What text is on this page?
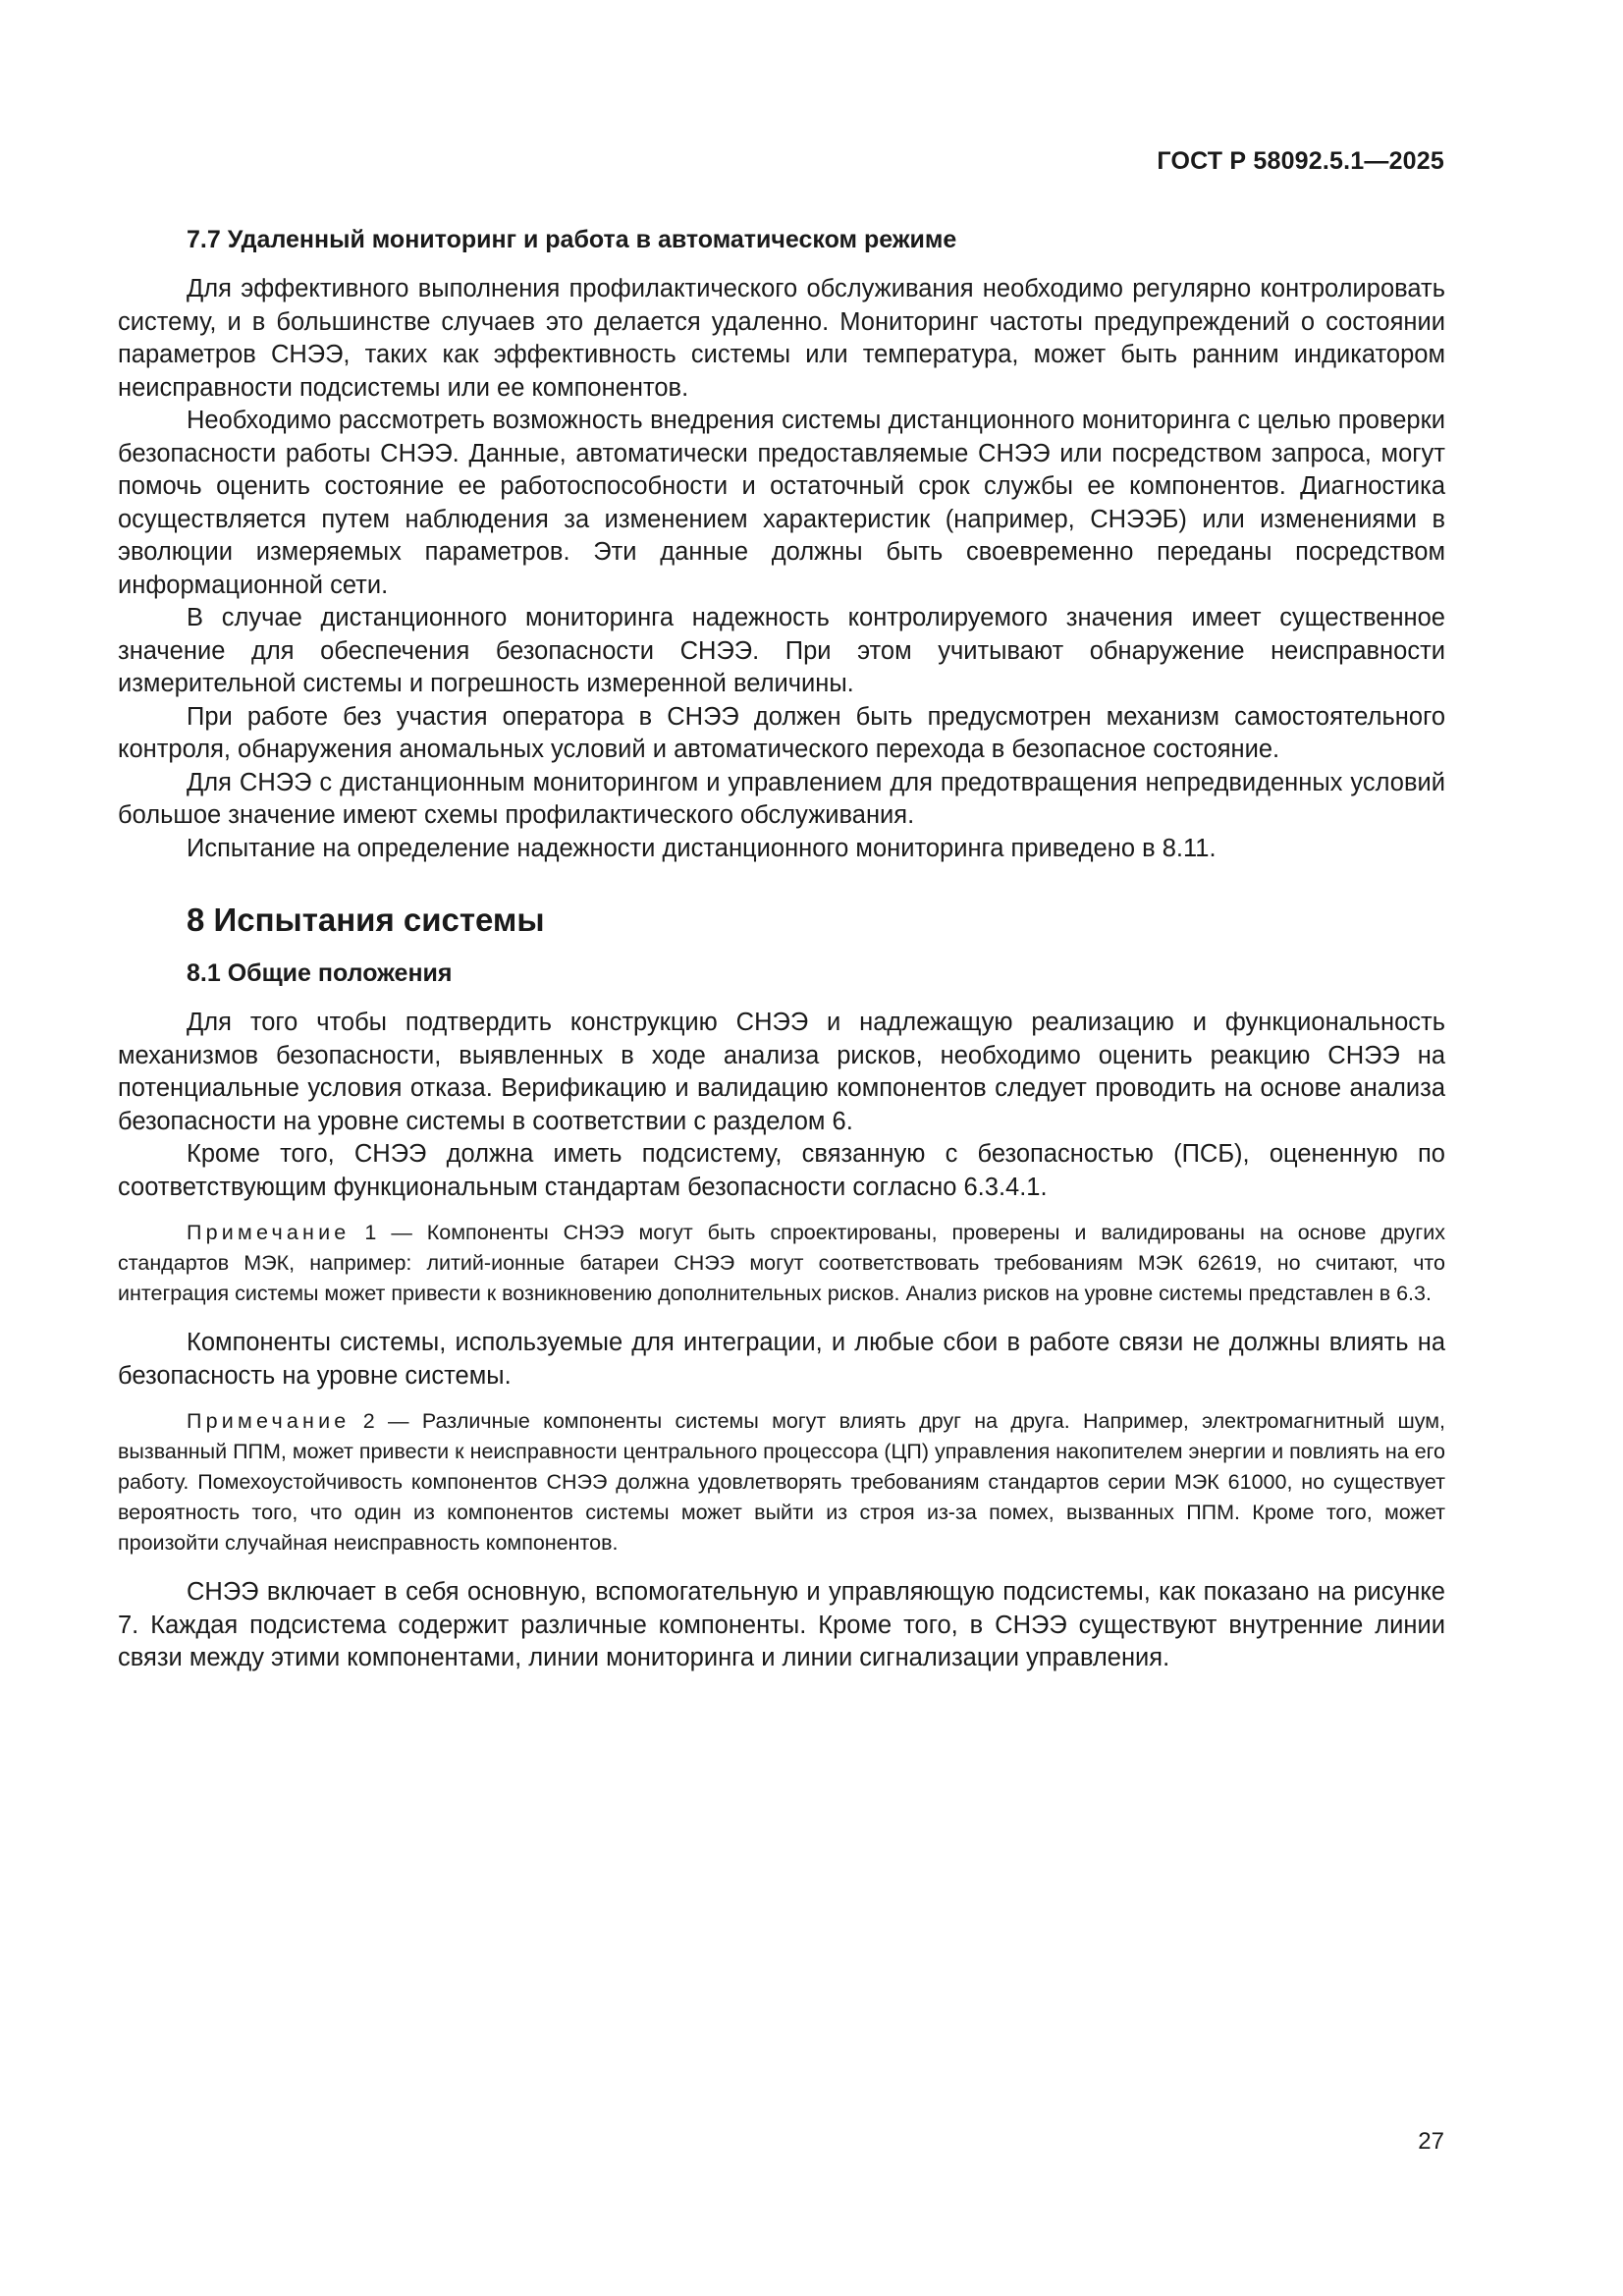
ГОСТ Р 58092.5.1—2025
7.7 Удаленный мониторинг и работа в автоматическом режиме

Для эффективного выполнения профилактического обслуживания необходимо регулярно контролировать систему, и в большинстве случаев это делается удаленно. Мониторинг частоты предупреждений о состоянии параметров СНЭЭ, таких как эффективность системы или температура, может быть ранним индикатором неисправности подсистемы или ее компонентов.

Необходимо рассмотреть возможность внедрения системы дистанционного мониторинга с целью проверки безопасности работы СНЭЭ. Данные, автоматически предоставляемые СНЭЭ или посредством запроса, могут помочь оценить состояние ее работоспособности и остаточный срок службы ее компонентов. Диагностика осуществляется путем наблюдения за изменением характеристик (например, СНЭЭБ) или изменениями в эволюции измеряемых параметров. Эти данные должны быть своевременно переданы посредством информационной сети.

В случае дистанционного мониторинга надежность контролируемого значения имеет существенное значение для обеспечения безопасности СНЭЭ. При этом учитывают обнаружение неисправности измерительной системы и погрешность измеренной величины.

При работе без участия оператора в СНЭЭ должен быть предусмотрен механизм самостоятельного контроля, обнаружения аномальных условий и автоматического перехода в безопасное состояние.

Для СНЭЭ с дистанционным мониторингом и управлением для предотвращения непредвиденных условий большое значение имеют схемы профилактического обслуживания.

Испытание на определение надежности дистанционного мониторинга приведено в 8.11.

8 Испытания системы
8.1 Общие положения

Для того чтобы подтвердить конструкцию СНЭЭ и надлежащую реализацию и функциональность механизмов безопасности, выявленных в ходе анализа рисков, необходимо оценить реакцию СНЭЭ на потенциальные условия отказа. Верификацию и валидацию компонентов следует проводить на основе анализа безопасности на уровне системы в соответствии с разделом 6.

Кроме того, СНЭЭ должна иметь подсистему, связанную с безопасностью (ПСБ), оцененную по соответствующим функциональным стандартам безопасности согласно 6.3.4.1.

Примечание 1 — Компоненты СНЭЭ могут быть спроектированы, проверены и валидированы на основе других стандартов МЭК, например: литий-ионные батареи СНЭЭ могут соответствовать требованиям МЭК 62619, но считают, что интеграция системы может привести к возникновению дополнительных рисков. Анализ рисков на уровне системы представлен в 6.3.

Компоненты системы, используемые для интеграции, и любые сбои в работе связи не должны влиять на безопасность на уровне системы.

Примечание 2 — Различные компоненты системы могут влиять друг на друга. Например, электромагнитный шум, вызванный ППМ, может привести к неисправности центрального процессора (ЦП) управления накопителем энергии и повлиять на его работу. Помехоустойчивость компонентов СНЭЭ должна удовлетворять требованиям стандартов серии МЭК 61000, но существует вероятность того, что один из компонентов системы может выйти из строя из-за помех, вызванных ППМ. Кроме того, может произойти случайная неисправность компонентов.

СНЭЭ включает в себя основную, вспомогательную и управляющую подсистемы, как показано на рисунке 7. Каждая подсистема содержит различные компоненты. Кроме того, в СНЭЭ существуют внутренние линии связи между этими компонентами, линии мониторинга и линии сигнализации управления.

27
